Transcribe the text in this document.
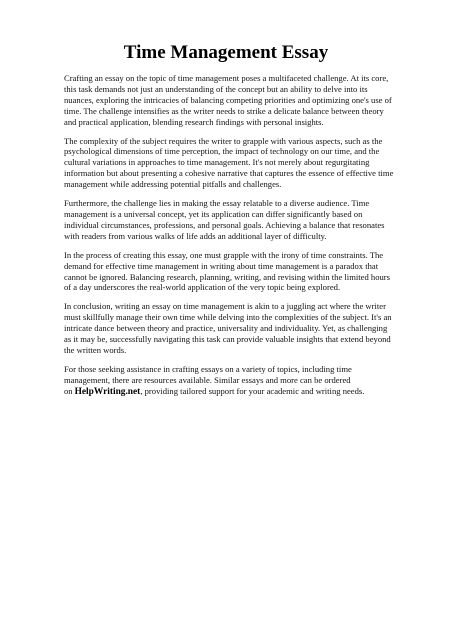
Time Management Essay

Crafting an essay on the topic of time management poses a multifaceted challenge. At its core, this task demands not just an understanding of the concept but an ability to delve into its nuances, exploring the intricacies of balancing competing priorities and optimizing one's use of time. The challenge intensifies as the writer needs to strike a delicate balance between theory and practical application, blending research findings with personal insights.

The complexity of the subject requires the writer to grapple with various aspects, such as the psychological dimensions of time perception, the impact of technology on our time, and the cultural variations in approaches to time management. It's not merely about regurgitating information but about presenting a cohesive narrative that captures the essence of effective time management while addressing potential pitfalls and challenges.

Furthermore, the challenge lies in making the essay relatable to a diverse audience. Time management is a universal concept, yet its application can differ significantly based on individual circumstances, professions, and personal goals. Achieving a balance that resonates with readers from various walks of life adds an additional layer of difficulty.

In the process of creating this essay, one must grapple with the irony of time constraints. The demand for effective time management in writing about time management is a paradox that cannot be ignored. Balancing research, planning, writing, and revising within the limited hours of a day underscores the real-world application of the very topic being explored.

In conclusion, writing an essay on time management is akin to a juggling act where the writer must skillfully manage their own time while delving into the complexities of the subject. It's an intricate dance between theory and practice, universality and individuality. Yet, as challenging as it may be, successfully navigating this task can provide valuable insights that extend beyond the written words.

For those seeking assistance in crafting essays on a variety of topics, including time management, there are resources available. Similar essays and more can be ordered on HelpWriting.net, providing tailored support for your academic and writing needs.
